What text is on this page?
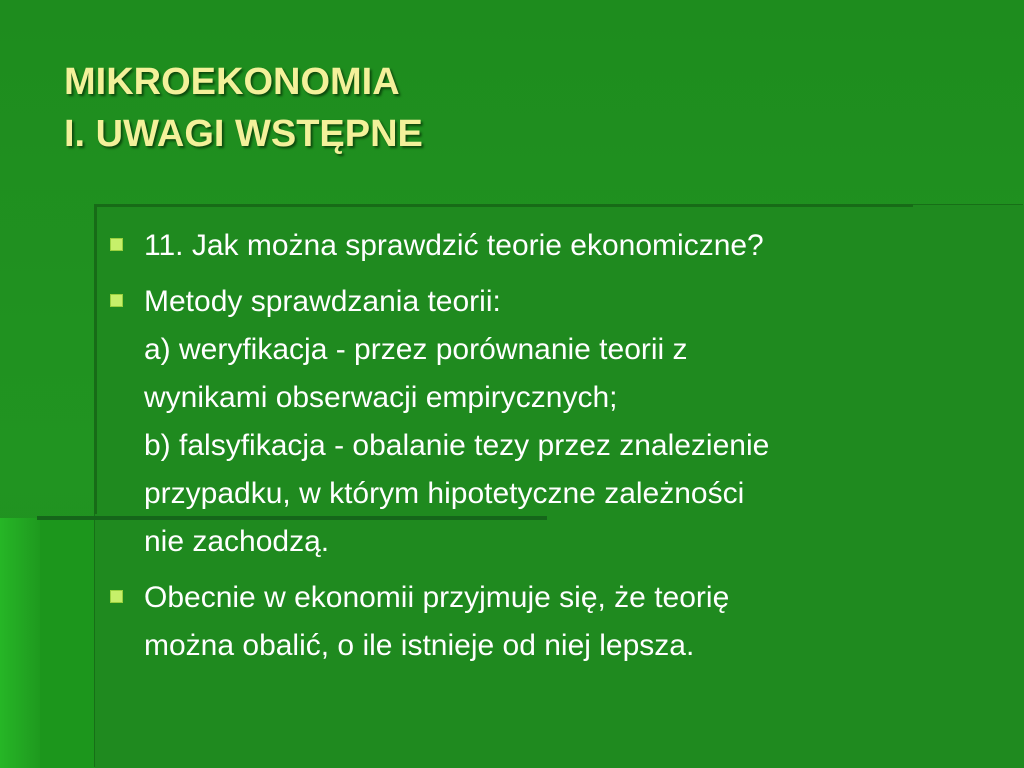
MIKROEKONOMIA
I. UWAGI WSTĘPNE
11. Jak można sprawdzić teorie ekonomiczne?
Metody sprawdzania teorii:
a) weryfikacja - przez porównanie teorii z
wynikami obserwacji empirycznych;
b) falsyfikacja - obalanie tezy przez znalezienie
przypadku, w którym hipotetyczne zależności
nie zachodzą.
Obecnie w ekonomii przyjmuje się, że teorię
można obalić, o ile istnieje od niej lepsza.
